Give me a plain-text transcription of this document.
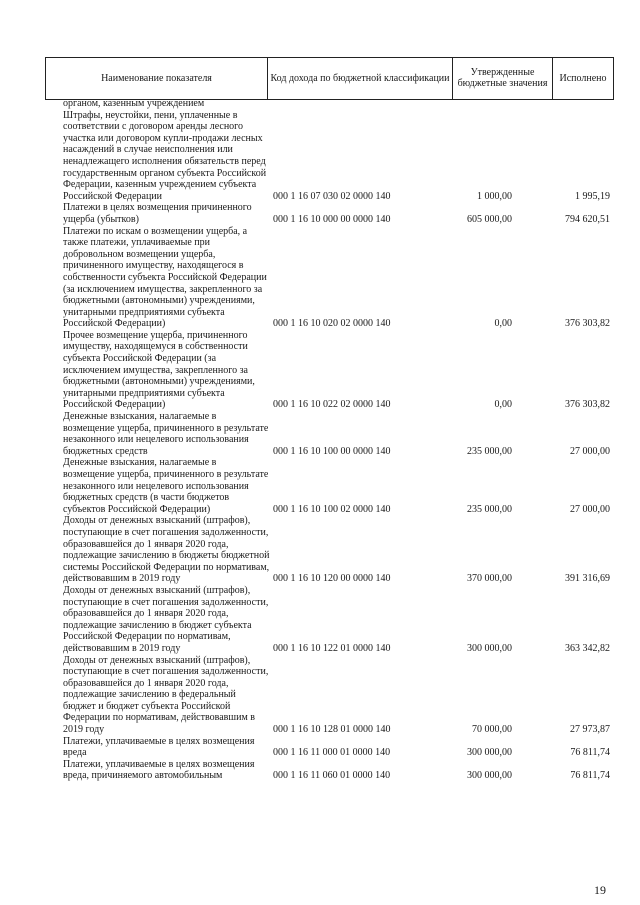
Наименование показателя	Код дохода по бюджетной классификации	Утвержденные бюджетные значения	Исполнено
органом, казенным учреждением
Штрафы, неустойки, пени, уплаченные в соответствии с договором аренды лесного участка или договором купли-продажи лесных насаждений в случае неисполнения или ненадлежащего исполнения обязательств перед государственным органом субъекта Российской Федерации, казенным учреждением субъекта Российской Федерации	000 1 16 07 030 02 0000 140	1 000,00	1 995,19
Платежи в целях возмещения причиненного ущерба (убытков)	000 1 16 10 000 00 0000 140	605 000,00	794 620,51
Платежи по искам о возмещении ущерба, а также платежи, уплачиваемые при добровольном возмещении ущерба, причиненного имуществу, находящегося в собственности субъекта Российской Федерации (за исключением имущества, закрепленного за бюджетными (автономными) учреждениями, унитарными предприятиями субъекта Российской Федерации)	000 1 16 10 020 02 0000 140	0,00	376 303,82
Прочее возмещение ущерба, причиненного имуществу, находящемуся в собственности субъекта Российской Федерации (за исключением имущества, закрепленного за бюджетными (автономными) учреждениями, унитарными предприятиями субъекта Российской Федерации)	000 1 16 10 022 02 0000 140	0,00	376 303,82
Денежные взыскания, налагаемые в возмещение ущерба, причиненного в результате незаконного или нецелевого использования бюджетных средств	000 1 16 10 100 00 0000 140	235 000,00	27 000,00
Денежные взыскания, налагаемые в возмещение ущерба, причиненного в результате незаконного или нецелевого использования бюджетных средств (в части бюджетов субъектов Российской Федерации)	000 1 16 10 100 02 0000 140	235 000,00	27 000,00
Доходы от денежных взысканий (штрафов), поступающие в счет погашения задолженности, образовавшейся до 1 января 2020 года, подлежащие зачислению в бюджеты бюджетной системы Российской Федерации по нормативам, действовавшим в 2019 году	000 1 16 10 120 00 0000 140	370 000,00	391 316,69
Доходы от денежных взысканий (штрафов), поступающие в счет погашения задолженности, образовавшейся до 1 января 2020 года, подлежащие зачислению в бюджет субъекта Российской Федерации по нормативам, действовавшим в 2019 году	000 1 16 10 122 01 0000 140	300 000,00	363 342,82
Доходы от денежных взысканий (штрафов), поступающие в счет погашения задолженности, образовавшейся до 1 января 2020 года, подлежащие зачислению в федеральный бюджет и бюджет субъекта Российской Федерации по нормативам, действовавшим в 2019 году	000 1 16 10 128 01 0000 140	70 000,00	27 973,87
Платежи, уплачиваемые в целях возмещения вреда	000 1 16 11 000 01 0000 140	300 000,00	76 811,74
Платежи, уплачиваемые в целях возмещения вреда, причиняемого автомобильным	000 1 16 11 060 01 0000 140	300 000,00	76 811,74
19
